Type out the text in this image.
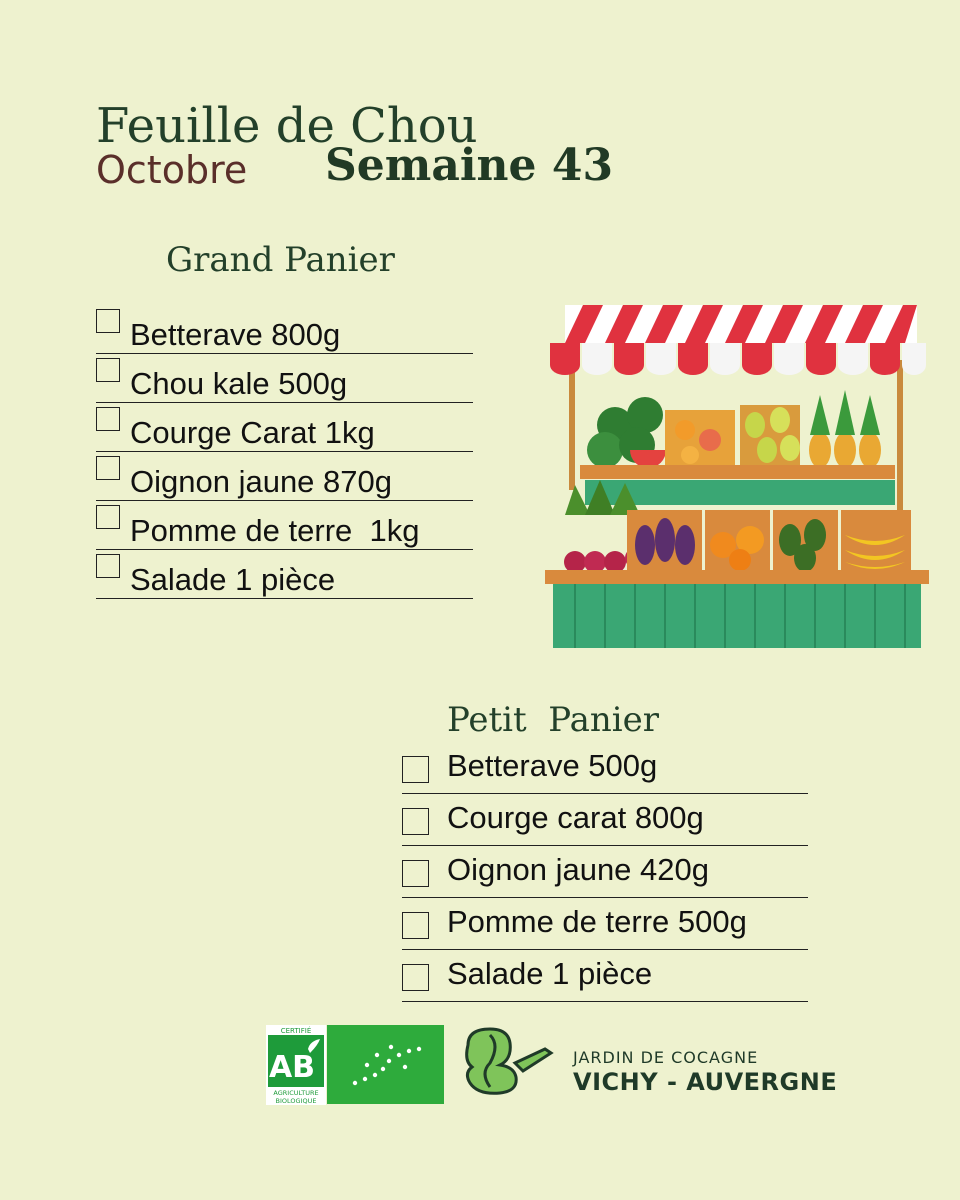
Feuille de Chou
Octobre Semaine 43
Grand Panier
Betterave 800g
Chou kale 500g
Courge Carat 1kg
Oignon jaune 870g
Pomme de terre  1kg
Salade 1 pièce
Petit  Panier
Betterave 500g
Courge carat 800g
Oignon jaune 420g
Pomme de terre 500g
Salade 1 pièce
CERTIFIÉ
AB
AGRICULTURE
BIOLOGIQUE
JARDIN DE COCAGNE
VICHY - AUVERGNE
